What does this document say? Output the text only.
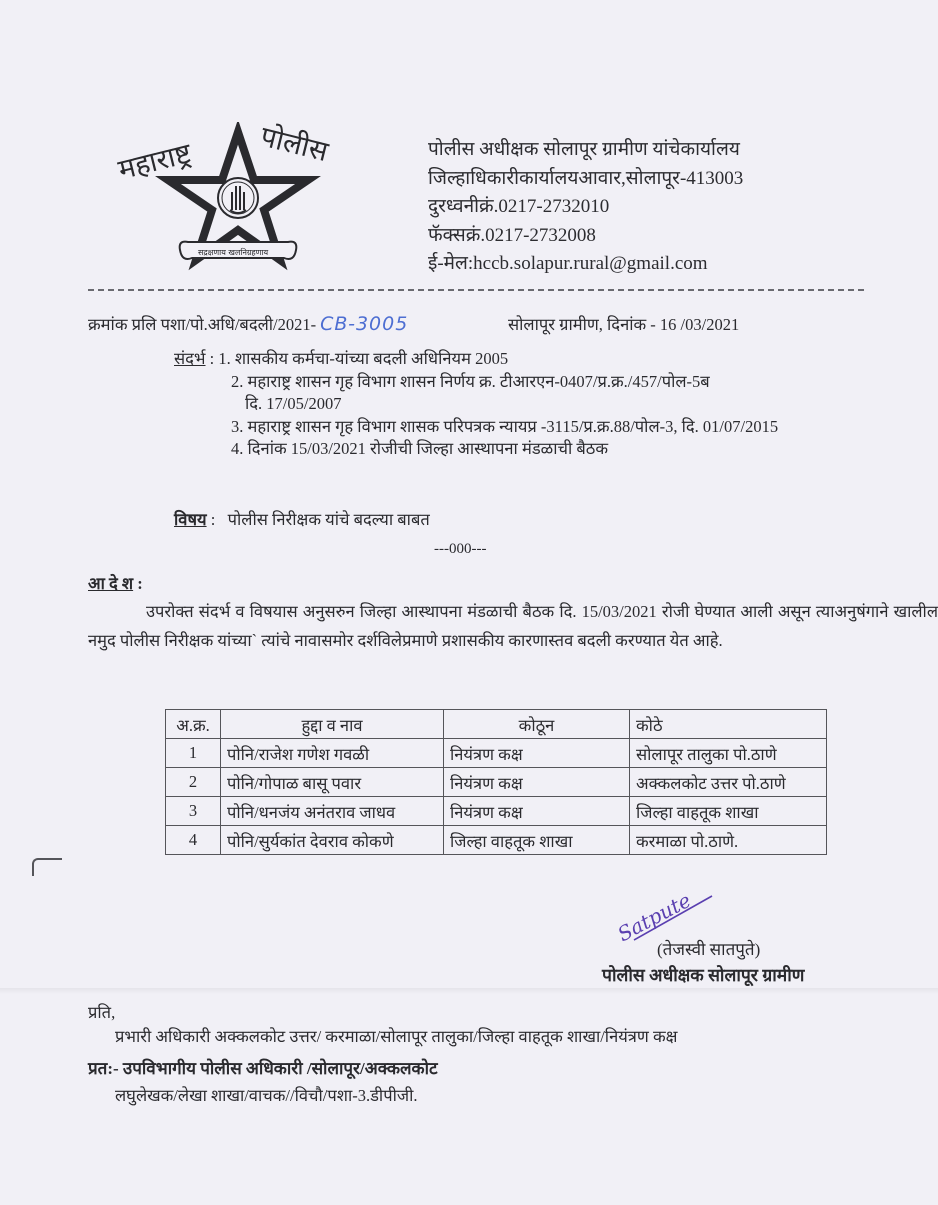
महाराष्ट्र पोलीस
सद्रक्षणाय खलनिग्रहणाय
पोलीस अधीक्षक सोलापूर ग्रामीण यांचेकार्यालय
जिल्हाधिकारीकार्यालयआवार,सोलापूर-413003
दुरध्वनीक्रं.0217-2732010
फॅक्सक्रं.0217-2732008
ई-मेल:hccb.solapur.rural@gmail.com
क्रमांक प्रलि पशा/पो.अधि/बदली/2021- CB-3005	सोलापूर ग्रामीण, दिनांक - 16 /03/2021
संदर्भ : 1. शासकीय कर्मचा-यांच्या बदली अधिनियम 2005
2. महाराष्ट्र शासन गृह विभाग शासन निर्णय क्र. टीआरएन-0407/प्र.क्र./457/पोल-5ब
दि. 17/05/2007
3. महाराष्ट्र शासन गृह विभाग शासक परिपत्रक न्यायप्र -3115/प्र.क्र.88/पोल-3, दि. 01/07/2015
4. दिनांक 15/03/2021 रोजीची जिल्हा आस्थापना मंडळाची बैठक
विषय :   पोलीस निरीक्षक यांचे बदल्या बाबत
---000---
आ दे श :

उपरोक्त संदर्भ व विषयास अनुसरुन जिल्हा आस्थापना मंडळाची बैठक दि. 15/03/2021 रोजी घेण्यात आली असून त्याअनुषंगाने खालील नमुद पोलीस निरीक्षक यांच्या` त्यांचे नावासमोर दर्शविलेप्रमाणे प्रशासकीय कारणास्तव बदली करण्यात येत आहे.

अ.क्र.	हुद्दा व नाव	कोठून	कोठे
1	पोनि/राजेश गणेश गवळी	नियंत्रण कक्ष	सोलापूर तालुका पो.ठाणे
2	पोनि/गोपाळ बासू पवार	नियंत्रण कक्ष	अक्कलकोट उत्तर पो.ठाणे
3	पोनि/धनजंय अनंतराव जाधव	नियंत्रण कक्ष	जिल्हा वाहतूक शाखा
4	पोनि/सुर्यकांत देवराव कोकणे	जिल्हा वाहतूक शाखा	करमाळा पो.ठाणे.
Satpute
(तेजस्वी सातपुते)
पोलीस अधीक्षक सोलापूर ग्रामीण
प्रति,
प्रभारी अधिकारी अक्कलकोट उत्तर/ करमाळा/सोलापूर तालुका/जिल्हा वाहतूक शाखा/नियंत्रण कक्ष
प्रत:- उपविभागीय पोलीस अधिकारी /सोलापूर/अक्कलकोट
लघुलेखक/लेखा शाखा/वाचक//विचौ/पशा-3.डीपीजी.
